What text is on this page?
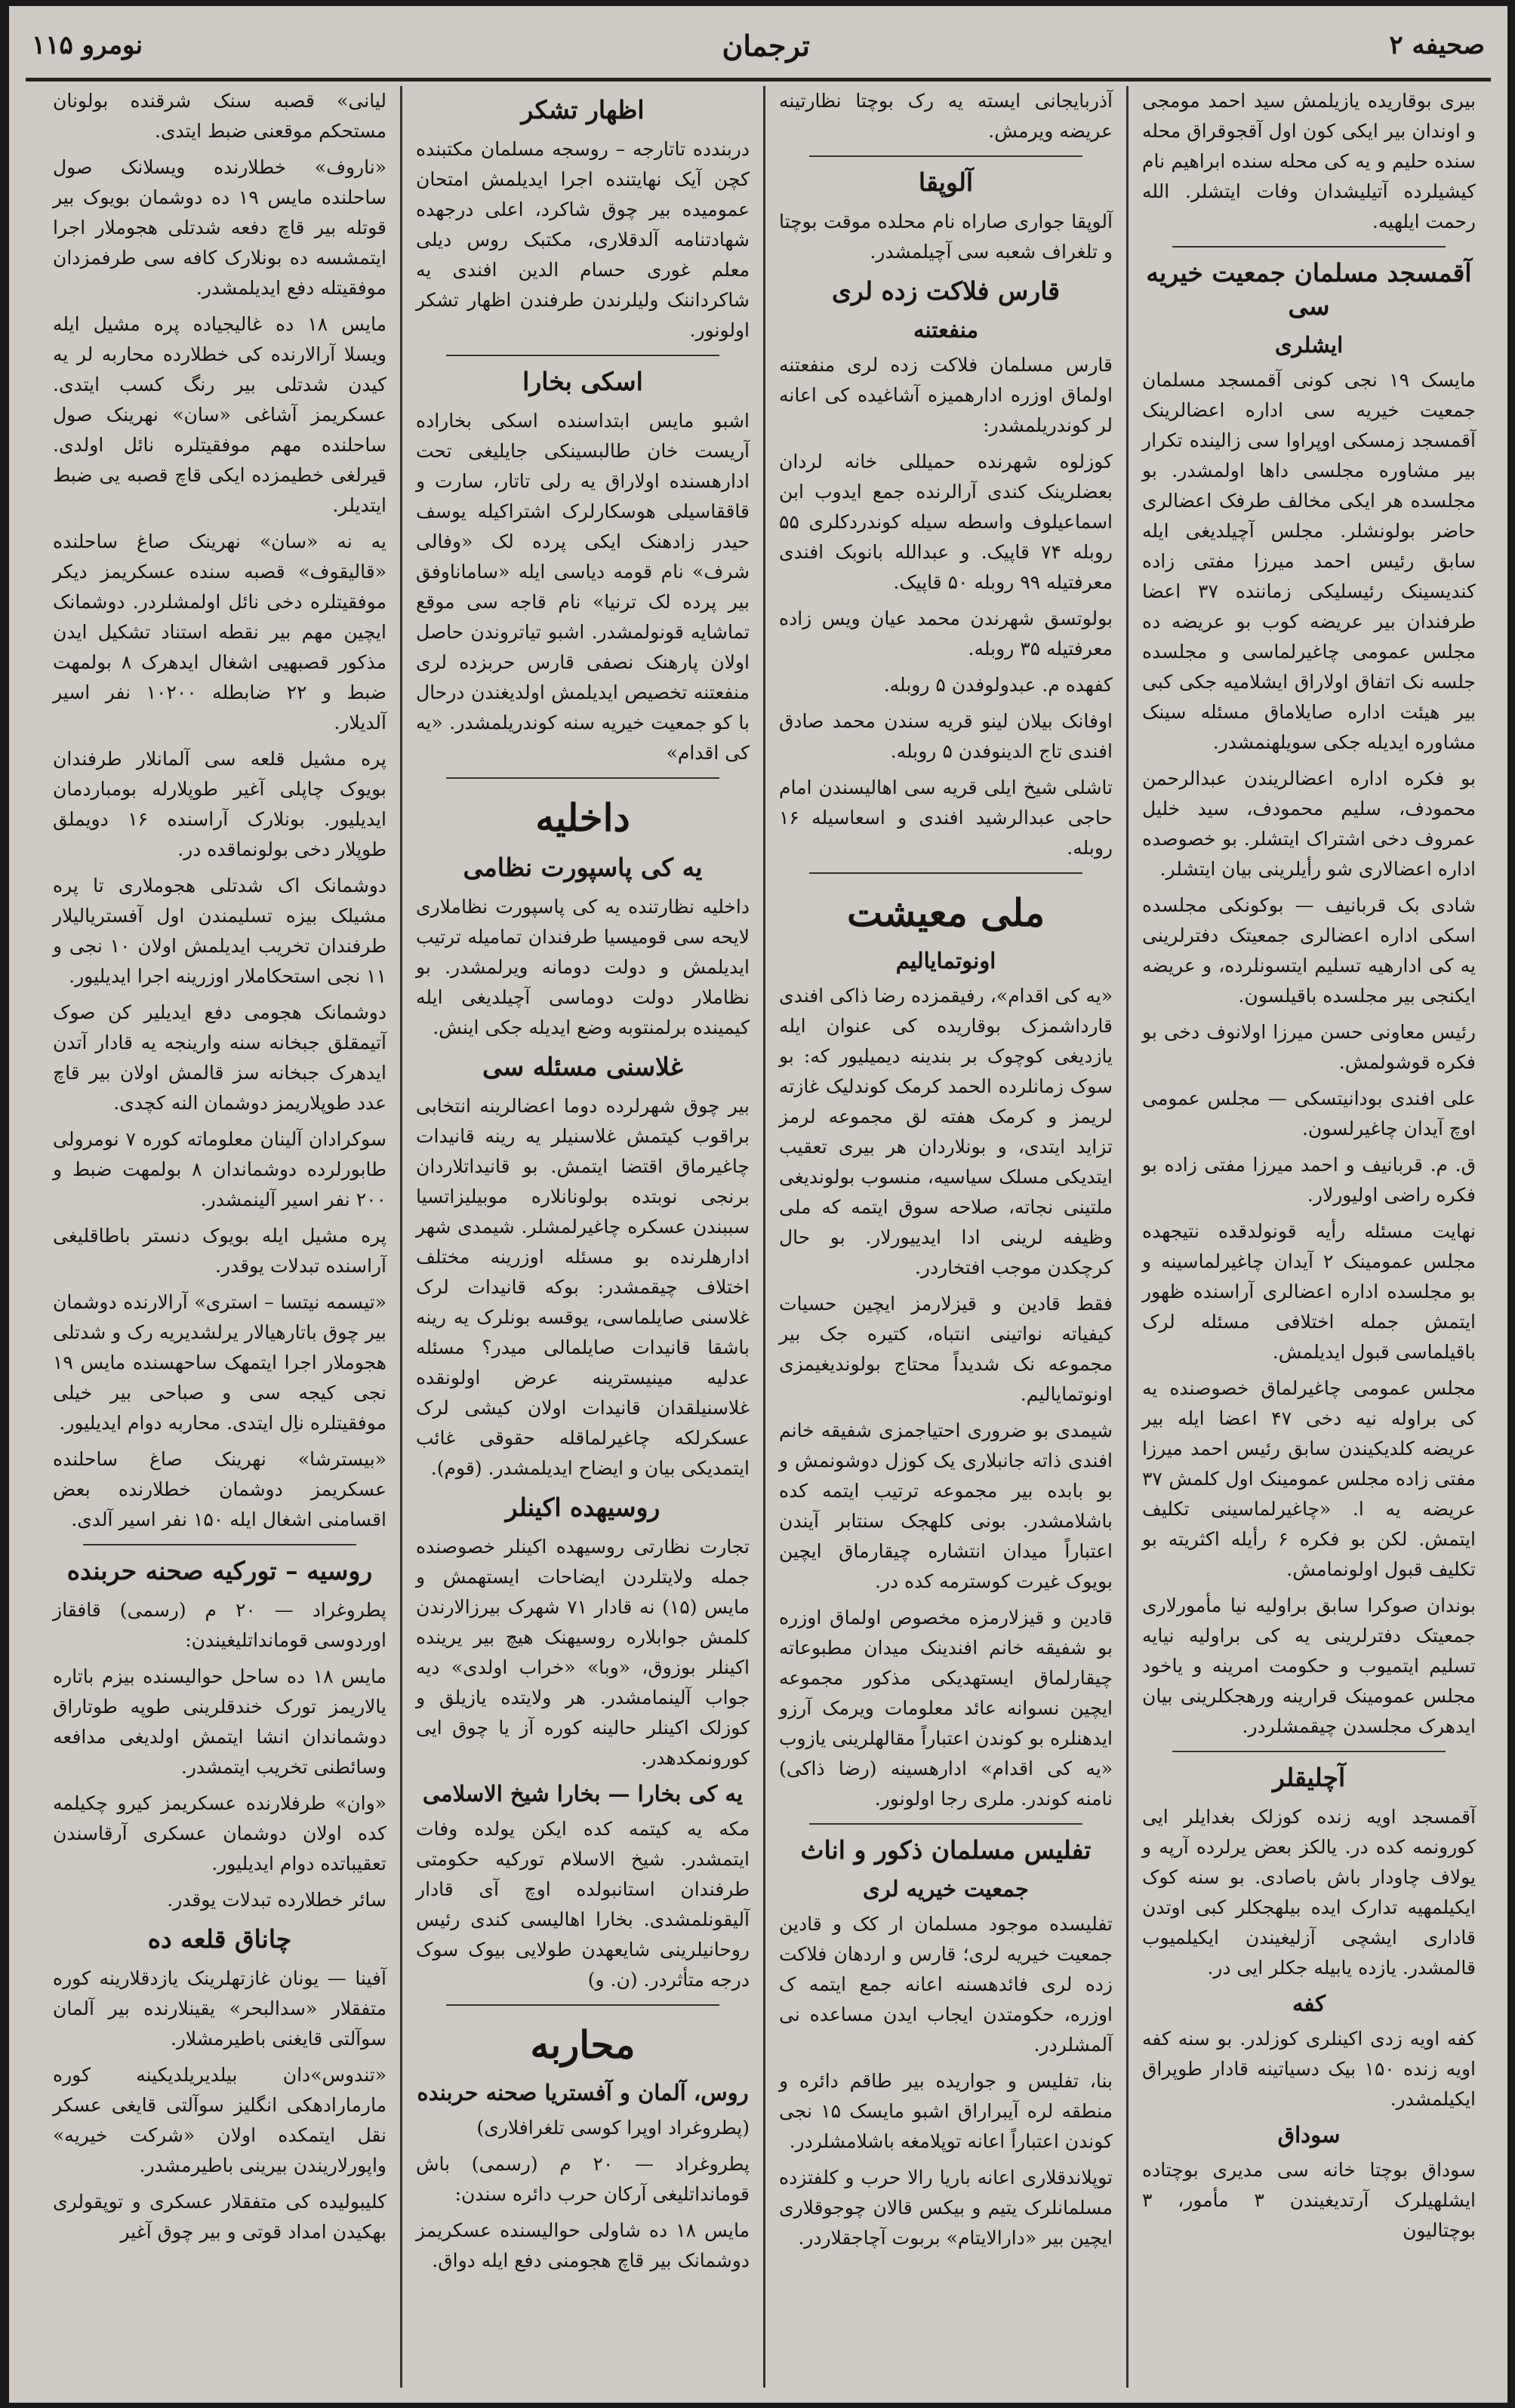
صحیفه ۲
ترجمان
نومرو ۱۱۵

بیری بوقاریده یازیلمش سید احمد مومجی و اوندان بیر ایکی کون اول آقجوقراق محله سنده حلیم و یه کی محله سنده ابراهیم نام کیشیلرده آتیلیشدان وفات ایتشلر. الله رحمت ایلهیه.

آقمسجد مسلمان جمعیت خیریه سی
ایشلری

مایسک ۱۹ نجی کونی آقمسجد مسلمان جمعیت خیریه سی اداره اعضالرینک آقمسجد زمسکی اوپراوا سی زالینده تکرار بیر مشاوره مجلسی داها اولمشدر. بو مجلسده هر ایکی مخالف طرفک اعضالری حاضر بولونشلر. مجلس آچیلدیغی ایله سابق رئیس احمد میرزا مفتی زاده کندیسینک رئیسلیکی زماننده ۳۷ اعضا طرفندان بیر عریضه کوب بو عریضه ده مجلس عمومی چاغیرلماسی و مجلسده جلسه نک اتفاق اولاراق ایشلامیه جکی کبی بیر هیئت اداره صایلاماق مسئله سینک مشاوره ایدیله جکی سویلهنمشدر.

بو فکره اداره اعضالریندن عبدالرحمن محمودف، سلیم محمودف، سید خلیل عمروف دخی اشتراک ایتشلر. بو خصوصده اداره اعضالاری شو رأیلرینی بیان ایتشلر.

شادی بک قربانیف — بوکونکی مجلسده اسکی اداره اعضالری جمعیتک دفترلرینی یه کی ادارهیه تسلیم ایتسونلرده، و عریضه ایکنجی بیر مجلسده باقیلسون.

رئیس معاونی حسن میرزا اولانوف دخی بو فکره قوشولمش.

علی افندی بودانیتسکی — مجلس عمومی اوچ آیدان چاغیرلسون.

ق. م. قربانیف و احمد میرزا مفتی زاده بو فکره راضی اولیورلار.

نهایت مسئله رأیه قونولدقده نتیجهده مجلس عمومینک ۲ آیدان چاغیرلماسینه و بو مجلسده اداره اعضالری آراسنده ظهور ایتمش جمله اختلافی مسئله لرک باقیلماسی قبول ایدیلمش.

مجلس عمومی چاغیرلماق خصوصنده یه کی براوله نیه دخی ۴۷ اعضا ایله بیر عریضه کلدیکیندن سابق رئیس احمد میرزا مفتی زاده مجلس عمومینک اول کلمش ۳۷ عریضه یه ا. «چاغیرلماسینی تکلیف ایتمش. لکن بو فکره ۶ رأیله اکثریته بو تکلیف قبول اولونمامش.

بوندان صوکرا سابق براولیه نیا مأمورلاری جمعیتک دفترلرینی یه کی براولیه نیایه تسلیم ایتمیوب و حکومت امرینه و یاخود مجلس عمومینک قرارینه ورهجکلرینی بیان ایدهرک مجلسدن چیقمشلردر.

آچلیقلر

آقمسجد اویه زنده کوزلک بغدایلر ایی کورونمه کده در. یالکز بعض یرلرده آرپه و یولاف چاودار باش باصادی. بو سنه کوک ایکیلمهیه تدارک ایده بیلهجکلر کبی اوتدن قاداری ایشچی آزلیغیندن ایکیلمیوب قالمشدر. یازده یابیله جکلر ایی در.

کفه

کفه اویه زدی اکینلری کوزلدر. بو سنه کفه اویه زنده ۱۵۰ بیک دسیاتینه قادار طوپراق ایکیلمشدر.

سوداق

سوداق بوچتا خانه سی مدیری بوچتاده ایشلهیلرک آرتدیغیندن ۳ مأمور، ۳ بوچتالیون

آذربایجانی ایسته یه رک بوچتا نظارتینه عریضه ویرمش.

آلوپقا

آلوپقا جواری صاراه نام محلده موقت بوچتا و تلغراف شعبه سی آچیلمشدر.

قارس فلاکت زده لری
منفعتنه

قارس مسلمان فلاکت زده لری منفعتنه اولماق اوزره ادارهمیزه آشاغیده کی اعانه لر کوندریلمشدر:

کوزلوه شهرنده حمیللی خانه لردان بعضلرینک کندی آرالرنده جمع ایدوب ابن اسماعیلوف واسطه سیله کوندردکلری ۵۵ روبله ۷۴ قاپیک. و عبدالله بانوبک افندی معرفتیله ۹۹ روبله ۵۰ قاپیک.

بولوتسق شهرندن محمد عیان ویس زاده معرفتیله ۳۵ روبله.

کفهده م. عبدولوفدن ۵ روبله.

اوفانک بیلان لینو قریه سندن محمد صادق افندی تاج الدینوفدن ۵ روبله.

تاشلی شیخ ایلی قریه سی اهالیسندن امام حاجی عبدالرشید افندی و اسعاسیله ۱۶ روبله.

ملی معیشت
اونوتمایالیم

«یه کی اقدام»، رفیقمزده رضا ذاکی افندی قارداشمزک بوقاریده کی عنوان ایله یازدیغی کوچوک بر بندینه دیمیلیور که: بو سوک زمانلرده الحمد کرمک کوندلیک غازته لریمز و کرمک هفته لق مجموعه لرمز تزاید ایتدی، و بونلاردان هر بیری تعقیب ایتدیکی مسلک سیاسیه، منسوب بولوندیغی ملتینی نجاته، صلاحه سوق ایتمه که ملی وظیفه لرینی ادا ایدییورلار. بو حال کرچکدن موجب افتخاردر.

فقط قادین و قیزلارمز ایچین حسیات کیفیاته نواتینی انتباه، کتیره جک بیر مجموعه نک شدیداً محتاج بولوندیغیمزی اونوتمایالیم.

شیمدی بو ضروری احتیاجمزی شفیقه خانم افندی ذاته جانبلاری یک کوزل دوشونمش و بو بابده بیر مجموعه ترتیب ایتمه کده باشلامشدر. بونی کلهجک سنتابر آیندن اعتباراً میدان انتشاره چیقارماق ایچین بویوک غیرت کوسترمه کده در.

قادین و قیزلارمزه مخصوص اولماق اوزره بو شفیقه خانم افندینک میدان مطبوعاته چیقارلماق ایستهدیکی مذکور مجموعه ایچین نسوانه عائد معلومات ویرمک آرزو ایدهنلره بو کوندن اعتباراً مقالهلرینی یازوب «یه کی اقدام» ادارهسینه (رضا ذاکی) نامنه کوندر. ملری رجا اولونور.

تفلیس مسلمان ذکور و اناث
جمعیت خیریه لری

تفلیسده موجود مسلمان ار کک و قادین جمعیت خیریه لری؛ قارس و اردهان فلاکت زده لری فائدهسنه اعانه جمع ایتمه ک اوزره، حکومتدن ایجاب ایدن مساعده نی آلمشلردر.

بنا، تفلیس و جواریده بیر طاقم دائره و منطقه لره آیبراراق اشبو مایسک ۱۵ نجی کوندن اعتباراً اعانه توپلامغه باشلامشلردر.

توپلاندقلاری اعانه باریا رالا حرب و کلفتزده مسلمانلرک یتیم و بیکس قالان چوجوقلاری ایچین بیر «دارالایتام» بربوت آچاجقلاردر.

اظهار تشکر

دربندده تاتارجه – روسجه مسلمان مکتبنده کچن آیک نهایتنده اجرا ایدیلمش امتحان عمومیده بیر چوق شاکرد، اعلی درجهده شهادتنامه آلدقلاری، مکتبک روس دیلی معلم غوری حسام الدین افندی یه شاکرداننک ولیلرندن طرفندن اظهار تشکر اولونور.

اسکی بخارا

اشبو مایس ابتداسنده اسکی بخاراده آریست خان طالبسینکی جایلیغی تحت ادارهسنده اولاراق یه رلی تاتار، سارت و قاققاسیلی هوسکارلرک اشتراکیله یوسف حیدر زادهنک ایکی پرده لک «وفالی شرف» نام قومه دیاسی ایله «ساماناوفق بیر پرده لک ترنیا» نام قاجه سی موقع تماشایه قونولمشدر. اشبو تیاتروندن حاصل اولان پارهنک نصفی قارس حربزده لری منفعتنه تخصیص ایدیلمش اولدیغندن درحال با کو جمعیت خیریه سنه کوندریلمشدر. «یه کی اقدام»

داخلیه
یه کی پاسپورت نظامی

داخلیه نظارتنده یه کی پاسپورت نظاملاری لایحه سی قومیسیا طرفندان تمامیله ترتیب ایدیلمش و دولت دومانه ویرلمشدر. بو نظاملار دولت دوماسی آچیلدیغی ایله کیمینده برلمنتوبه وضع ایدیله جکی اینش.

غلاسنی مسئله سی

بیر چوق شهرلرده دوما اعضالرینه انتخابی براقوب کیتمش غلاسنیلر یه رینه قانیدات چاغیرماق اقتضا ایتمش. بو قانیداتلاردان برنجی نوبتده بولونانلاره موبیلیزاتسیا سببندن عسکره چاغیرلمشلر. شیمدی شهر ادارهلرنده بو مسئله اوزرینه مختلف اختلاف چیقمشدر: بوکه قانیدات لرک غلاسنی صایلماسی، یوقسه بونلرک یه رینه باشقا قانیدات صایلمالی میدر؟ مسئله عدلیه مینیسترینه عرض اولونقده غلاسنیلقدان قانیدات اولان کیشی لرک عسکرلکه چاغیرلماقله حقوقی غائب ایتمدیکی بیان و ایضاح ایدیلمشدر. (قوم).

روسیهده اکینلر

تجارت نظارتی روسیهده اکینلر خصوصنده جمله ولایتلردن ایضاحات ایستهمش و مایس (۱۵) نه قادار ۷۱ شهرک بیرزالارندن کلمش جوابلاره روسیهنک هیچ بیر یرینده اکینلر بوزوق، «وبا» «خراب اولدی» دیه جواب آلینمامشدر. هر ولایتده یازیلق و کوزلک اکینلر حالینه کوره آز یا چوق ایی کورونمکدهدر.

یه کی بخارا — بخارا شیخ الاسلامی

مکه یه کیتمه کده ایکن یولده وفات ایتمشدر. شیخ الاسلام تورکیه حکومتی طرفندان استانبولده اوچ آی قادار آلیقونلمشدی. بخارا اهالیسی کندی رئیس روحانیلرینی شایعهدن طولایی بیوک سوک درجه متأثردر. (ن. و)

محاربه
روس، آلمان و آفستریا صحنه حربنده

(پطروغراد اوپرا کوسی تلغرافلاری)

پطروغراد — ۲۰ م (رسمی) باش قومانداتلیغی آرکان حرب دائره سندن:

مایس ۱۸ ده شاولی حوالیسنده عسکریمز دوشمانک بیر قاچ هجومنی دفع ایله دواق.

لیانی» قصبه سنک شرقنده بولونان مستحکم موقعنی ضبط ایتدی.

«ناروف» خطلارنده ویسلانک صول ساحلنده مایس ۱۹ ده دوشمان بویوک بیر قوتله بیر قاچ دفعه شدتلی هجوملار اجرا ایتمشسه ده بونلارک کافه سی طرفمزدان موفقیتله دفع ایدیلمشدر.

مایس ۱۸ ده غالیجیاده پره مشیل ایله ویسلا آرالارنده کی خطلارده محاربه لر یه کیدن شدتلی بیر رنگ کسب ایتدی. عسکریمز آشاغی «سان» نهرینک صول ساحلنده مهم موفقیتلره نائل اولدی. قیرلغی خطیمزده ایکی قاچ قصبه یی ضبط ایتدیلر.

یه نه «سان» نهرینک صاغ ساحلنده «قالیقوف» قصبه سنده عسکریمز دیکر موفقیتلره دخی نائل اولمشلردر. دوشمانک ایچین مهم بیر نقطه استناد تشکیل ایدن مذکور قصبهیی اشغال ایدهرک ۸ بولمهت ضبط و ۲۲ ضابطله ۱۰۲۰۰ نفر اسیر آلدیلار.

پره مشیل قلعه سی آلمانلار طرفندان بویوک چاپلی آغیر طوپلارله بومباردمان ایدیلیور. بونلارک آراسنده ۱۶ دویملق طوپلار دخی بولونماقده در.

دوشمانک اک شدتلی هجوملاری تا پره مشیلک بیزه تسلیمندن اول آفستریالیلار طرفندان تخریب ایدیلمش اولان ۱۰ نجی و ۱۱ نجی استحکاملار اوزرینه اجرا ایدیلیور.

دوشمانک هجومی دفع ایدیلیر کن صوک آتیمقلق جبخانه سنه وارینجه یه قادار آتدن ایدهرک جبخانه سز قالمش اولان بیر قاچ عدد طوپلاریمز دوشمان النه کچدی.

سوکرادان آلینان معلوماته کوره ۷ نومرولی طابورلرده دوشماندان ۸ بولمهت ضبط و ۲۰۰ نفر اسیر آلینمشدر.

پره مشیل ایله بویوک دنستر باطاقلیغی آراسنده تبدلات یوقدر.

«تیسمه نیتسا – استری» آرالارنده دوشمان بیر چوق باتارهیالار یرلشدیریه رک و شدتلی هجوملار اجرا ایتمهک ساحهسنده مایس ۱۹ نجی کیجه سی و صباحی بیر خیلی موفقیتلره ناِل ایتدی. محاربه دوام ایدیلیور.

«بیسترشا» نهرینک صاغ ساحلنده عسکریمز دوشمان خطلارنده بعض اقسامنی اشغال ایله ۱۵۰ نفر اسیر آلدی.

روسیه – تورکیه صحنه حربنده

پطروغراد — ۲۰ م (رسمی) قافقاز اوردوسی قومانداتلیغیندن:

مایس ۱۸ ده ساحل حوالیسنده بیزم باتاره یالاریمز تورک خندقلرینی طوپه طوتاراق دوشماندان انشا ایتمش اولدیغی مدافعه وسائطنی تخریب ایتمشدر.

«وان» طرفلارنده عسکریمز کیرو چکیلمه کده اولان دوشمان عسکری آرقاسندن تعقیباتده دوام ایدیلیور.

سائر خطلارده تبدلات یوقدر.

چاناق قلعه ده

آفینا — یونان غازتهلرینک یازدقلارینه کوره متفقلار «سدالبحر» یقینلارنده بیر آلمان سوآلتی قایغنی باطیرمشلار.

«تندوس»دان بیلدیریلدیکینه کوره مارمارادهکی انگلیز سوآلتی قایغی عسکر نقل ایتمکده اولان «شرکت خیریه» واپورلاریندن بیرینی باطیرمشدر.

کلیبولیده کی متفقلار عسکری و توپقولری بهکیدن امداد قوتی و بیر چوق آغیر
